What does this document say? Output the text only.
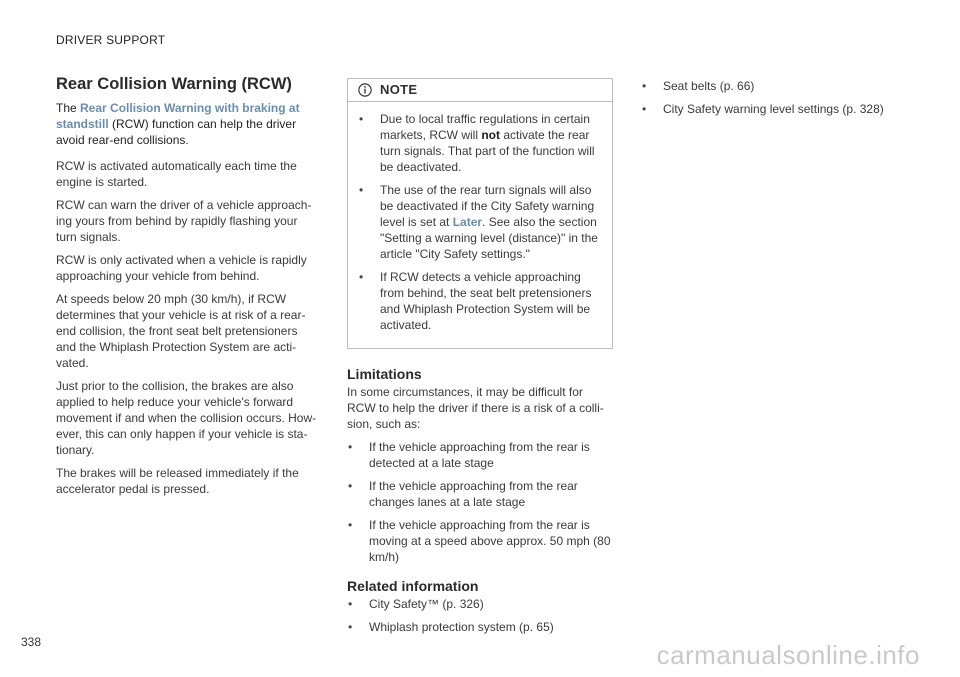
DRIVER SUPPORT
Rear Collision Warning (RCW)
The Rear Collision Warning with braking at standstill (RCW) function can help the driver avoid rear-end collisions.

RCW is activated automatically each time the engine is started.

RCW can warn the driver of a vehicle approach-ing yours from behind by rapidly flashing your turn signals.

RCW is only activated when a vehicle is rapidly approaching your vehicle from behind.

At speeds below 20 mph (30 km/h), if RCW determines that your vehicle is at risk of a rear-end collision, the front seat belt pretensioners and the Whiplash Protection System are acti-vated.

Just prior to the collision, the brakes are also applied to help reduce your vehicle's forward movement if and when the collision occurs. How-ever, this can only happen if your vehicle is sta-tionary.

The brakes will be released immediately if the accelerator pedal is pressed.

NOTE
• Due to local traffic regulations in certain markets, RCW will not activate the rear turn signals. That part of the function will be deactivated.
• The use of the rear turn signals will also be deactivated if the City Safety warning level is set at Later. See also the section "Setting a warning level (distance)" in the article "City Safety settings."
• If RCW detects a vehicle approaching from behind, the seat belt pretensioners and Whiplash Protection System will be activated.
Limitations

In some circumstances, it may be difficult for RCW to help the driver if there is a risk of a colli-sion, such as:

• If the vehicle approaching from the rear is detected at a late stage
• If the vehicle approaching from the rear changes lanes at a late stage
• If the vehicle approaching from the rear is moving at a speed above approx. 50 mph (80 km/h)
Related information
• City Safety™ (p. 326)
• Whiplash protection system (p. 65)
• Seat belts (p. 66)
• City Safety warning level settings (p. 328)
338	carmanualsonline.info
